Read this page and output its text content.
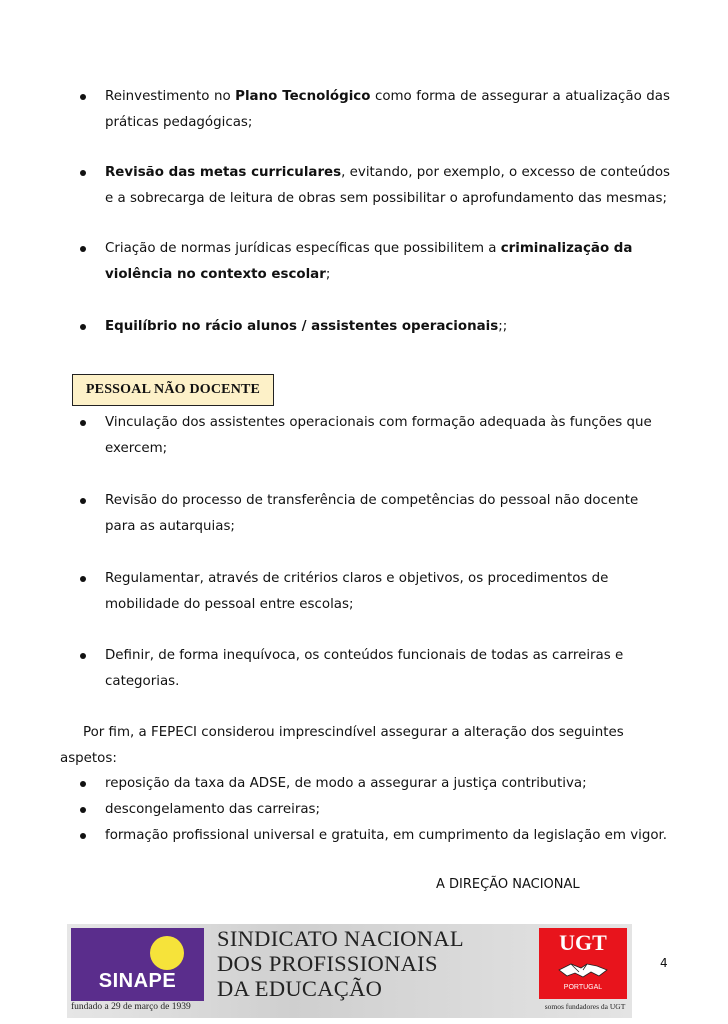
Reinvestimento no Plano Tecnológico como forma de assegurar a atualização das práticas pedagógicas;
Revisão das metas curriculares, evitando, por exemplo, o excesso de conteúdos e a sobrecarga de leitura de obras sem possibilitar o aprofundamento das mesmas;
Criação de normas jurídicas específicas que possibilitem a criminalização da violência no contexto escolar;
Equilíbrio no rácio alunos / assistentes operacionais;;
PESSOAL NÃO DOCENTE
Vinculação dos assistentes operacionais com formação adequada às funções que exercem;
Revisão do processo de transferência de competências do pessoal não docente para as autarquias;
Regulamentar, através de critérios claros e objetivos, os procedimentos de mobilidade do pessoal entre escolas;
Definir, de forma inequívoca, os conteúdos funcionais de todas as carreiras e categorias.

Por fim, a FEPECI considerou imprescindível assegurar a alteração dos seguintes aspetos:

reposição da taxa da ADSE, de modo a assegurar a justiça contributiva;
descongelamento das carreiras;
formação profissional universal e gratuita, em cumprimento da legislação em vigor.
A DIREÇÃO NACIONAL
SINAPE
fundado a 29 de março de 1939
SINDICATO NACIONAL
DOS PROFISSIONAIS
DA EDUCAÇÃO
UGT
PORTUGAL
somos fundadores da UGT
4
